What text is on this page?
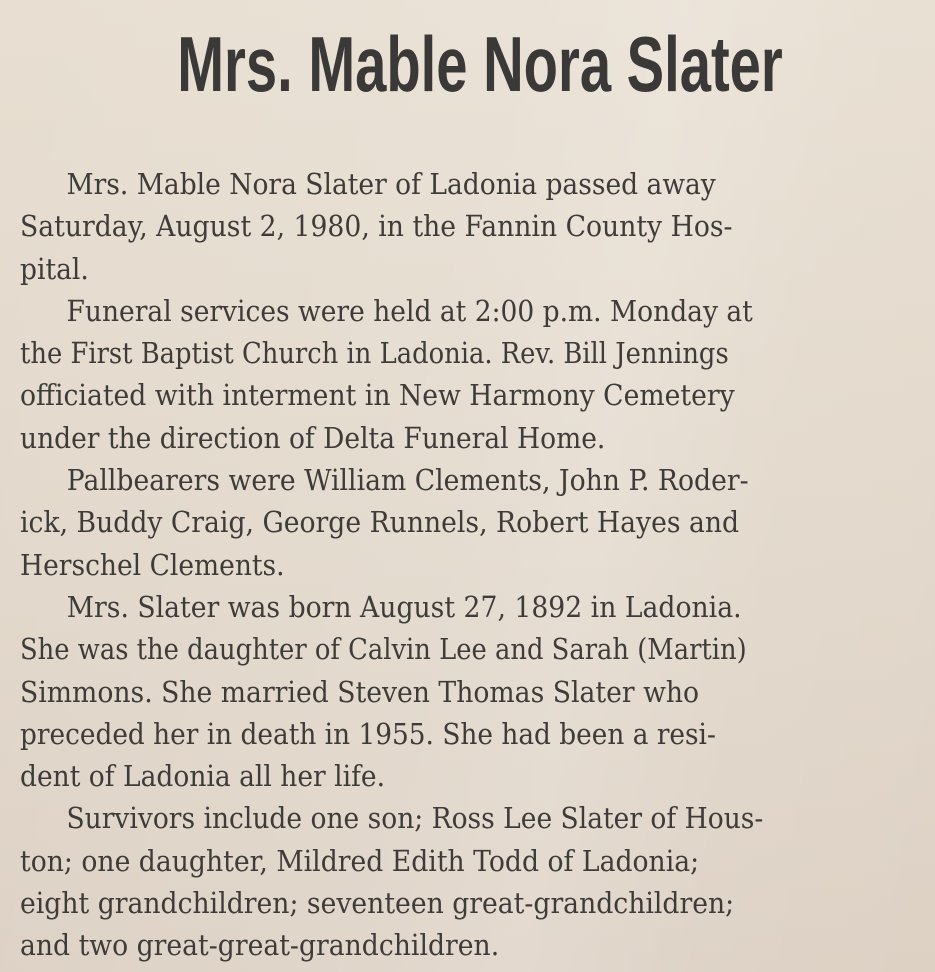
Mrs. Mable Nora Slater
Mrs. Mable Nora Slater of Ladonia passed away
Saturday, August 2, 1980, in the Fannin County Hos-
pital.
Funeral services were held at 2:00 p.m. Monday at
the First Baptist Church in Ladonia. Rev. Bill Jennings
officiated with interment in New Harmony Cemetery
under the direction of Delta Funeral Home.
Pallbearers were William Clements, John P. Roder-
ick, Buddy Craig, George Runnels, Robert Hayes and
Herschel Clements.
Mrs. Slater was born August 27, 1892 in Ladonia.
She was the daughter of Calvin Lee and Sarah (Martin)
Simmons. She married Steven Thomas Slater who
preceded her in death in 1955. She had been a resi-
dent of Ladonia all her life.
Survivors include one son; Ross Lee Slater of Hous-
ton; one daughter, Mildred Edith Todd of Ladonia;
eight grandchildren; seventeen great-grandchildren;
and two great-great-grandchildren.
